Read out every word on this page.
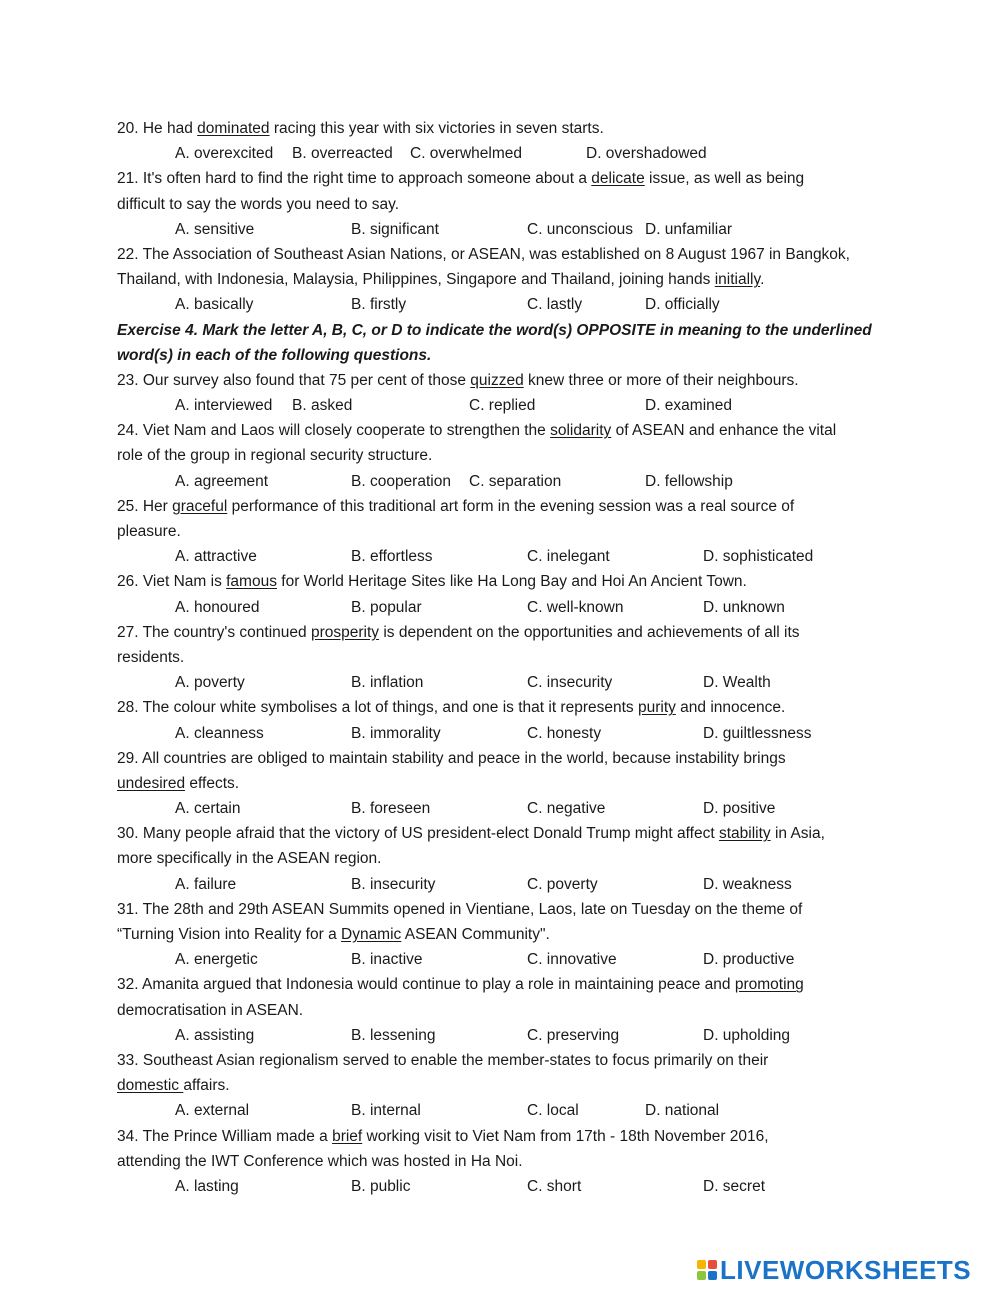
20. He had dominated racing this year with six victories in seven starts.
A. overexcited B. overreacted C. overwhelmed	D. overshadowed
21. It's often hard to find the right time to approach someone about a delicate issue, as well as being
difficult to say the words you need to say.
A. sensitive	B. significant	C. unconscious D. unfamiliar
22. The Association of Southeast Asian Nations, or ASEAN, was established on 8 August 1967 in Bangkok,
Thailand, with Indonesia, Malaysia, Philippines, Singapore and Thailand, joining hands initially.
A. basically	B. firstly	C. lastly	D. officially
Exercise 4. Mark the letter A, B, C, or D to indicate the word(s) OPPOSITE in meaning to the underlined
word(s) in each of the following questions.
23. Our survey also found that 75 per cent of those quizzed knew three or more of their neighbours.
A. interviewed B. asked	C. replied	D. examined
24. Viet Nam and Laos will closely cooperate to strengthen the solidarity of ASEAN and enhance the vital
role of the group in regional security structure.
A. agreement	B. cooperation C. separation	D. fellowship
25. Her graceful performance of this traditional art form in the evening session was a real source of
pleasure.
A. attractive	B. effortless	C. inelegant	D. sophisticated
26. Viet Nam is famous for World Heritage Sites like Ha Long Bay and Hoi An Ancient Town.
A. honoured	B. popular	C. well-known	D. unknown
27. The country's continued prosperity is dependent on the opportunities and achievements of all its
residents.
A. poverty	B. inflation	C. insecurity	D. Wealth
28. The colour white symbolises a lot of things, and one is that it represents purity and innocence.
A. cleanness	B. immorality	C. honesty	D. guiltlessness
29. All countries are obliged to maintain stability and peace in the world, because instability brings
undesired effects.
A. certain	B. foreseen	C. negative	D. positive
30. Many people afraid that the victory of US president-elect Donald Trump might affect stability in Asia,
more specifically in the ASEAN region.
A. failure	B. insecurity	C. poverty	D. weakness
31. The 28th and 29th ASEAN Summits opened in Vientiane, Laos, late on Tuesday on the theme of
“Turning Vision into Reality for a Dynamic ASEAN Community".
A. energetic	B. inactive	C. innovative	D. productive
32. Amanita argued that Indonesia would continue to play a role in maintaining peace and promoting
democratisation in ASEAN.
A. assisting	B. lessening	C. preserving	D. upholding
33. Southeast Asian regionalism served to enable the member-states to focus primarily on their
domestic affairs.
A. external	B. internal	C. local	D. national
34. The Prince William made a brief working visit to Viet Nam from 17th - 18th November 2016,
attending the IWT Conference which was hosted in Ha Noi.
A. lasting	B. public	C. short	D. secret
LIVEWORKSHEETS
